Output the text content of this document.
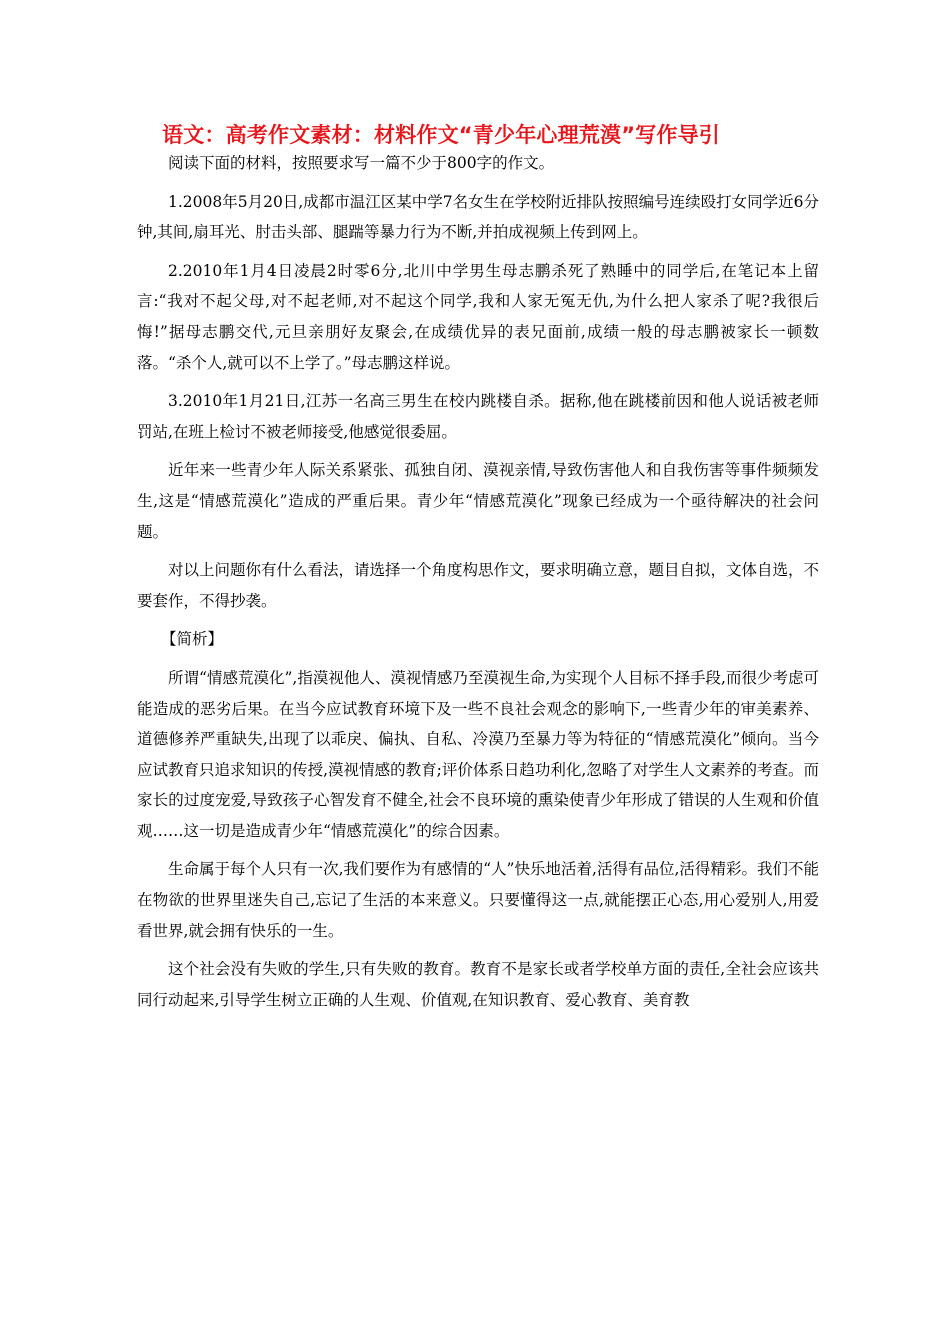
语文：高考作文素材：材料作文“青少年心理荒漠”写作导引

阅读下面的材料，按照要求写一篇不少于800字的作文。

1.2008年5月20日,成都市温江区某中学7名女生在学校附近排队按照编号连续殴打女同学近6分钟,其间,扇耳光、肘击头部、腿踹等暴力行为不断,并拍成视频上传到网上。

2.2010年1月4日凌晨2时零6分,北川中学男生母志鹏杀死了熟睡中的同学后,在笔记本上留言:“我对不起父母,对不起老师,对不起这个同学,我和人家无冤无仇,为什么把人家杀了呢?我很后悔!”据母志鹏交代,元旦亲朋好友聚会,在成绩优异的表兄面前,成绩一般的母志鹏被家长一顿数落。“杀个人,就可以不上学了。”母志鹏这样说。

3.2010年1月21日,江苏一名高三男生在校内跳楼自杀。据称,他在跳楼前因和他人说话被老师罚站,在班上检讨不被老师接受,他感觉很委屈。

近年来一些青少年人际关系紧张、孤独自闭、漠视亲情,导致伤害他人和自我伤害等事件频频发生,这是“情感荒漠化”造成的严重后果。青少年“情感荒漠化”现象已经成为一个亟待解决的社会问题。

对以上问题你有什么看法，请选择一个角度构思作文，要求明确立意，题目自拟，文体自选，不要套作，不得抄袭。

【简析】

所谓“情感荒漠化”,指漠视他人、漠视情感乃至漠视生命,为实现个人目标不择手段,而很少考虑可能造成的恶劣后果。在当今应试教育环境下及一些不良社会观念的影响下,一些青少年的审美素养、道德修养严重缺失,出现了以乖戾、偏执、自私、冷漠乃至暴力等为特征的“情感荒漠化”倾向。当今应试教育只追求知识的传授,漠视情感的教育;评价体系日趋功利化,忽略了对学生人文素养的考查。而家长的过度宠爱,导致孩子心智发育不健全,社会不良环境的熏染使青少年形成了错误的人生观和价值观……这一切是造成青少年“情感荒漠化”的综合因素。

生命属于每个人只有一次,我们要作为有感情的“人”快乐地活着,活得有品位,活得精彩。我们不能在物欲的世界里迷失自己,忘记了生活的本来意义。只要懂得这一点,就能摆正心态,用心爱别人,用爱看世界,就会拥有快乐的一生。

这个社会没有失败的学生,只有失败的教育。教育不是家长或者学校单方面的责任,全社会应该共同行动起来,引导学生树立正确的人生观、价值观,在知识教育、爱心教育、美育教
